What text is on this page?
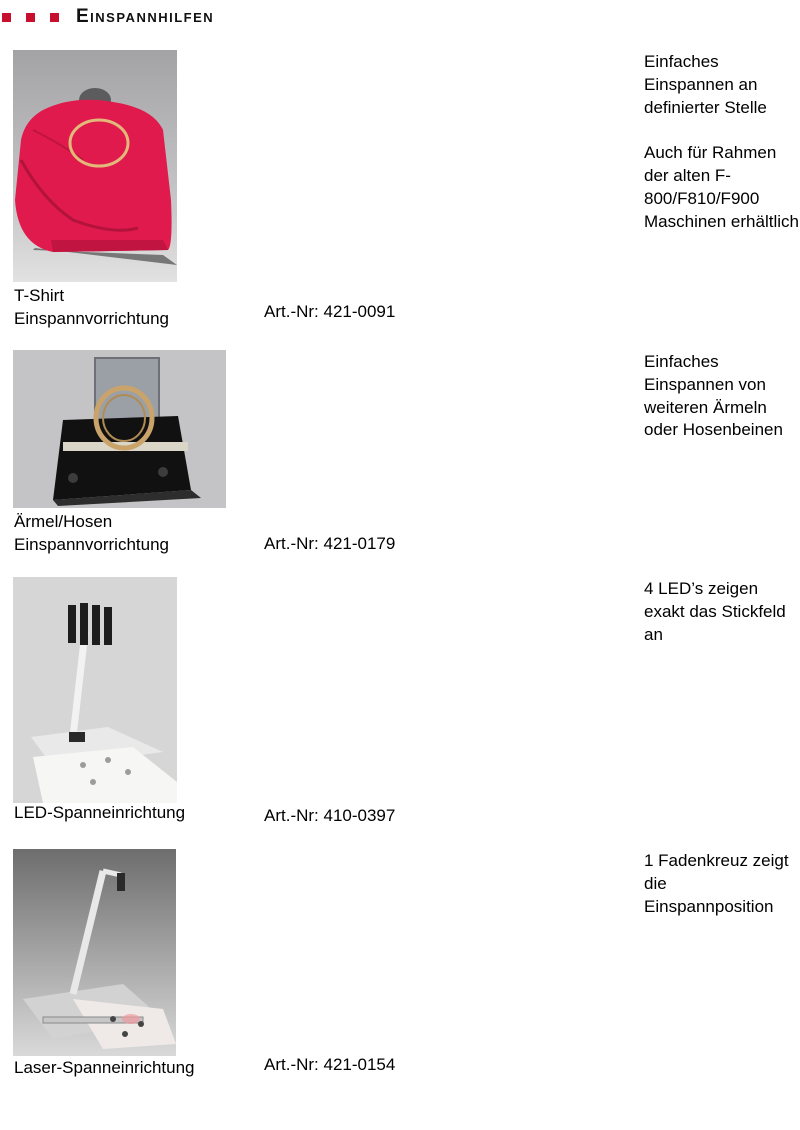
Einspannhilfen
T-Shirt
Einspannvorrichtung	Art.-Nr: 421-0091
Einfaches Einspannen an definierter Stelle

Auch für Rahmen der alten F-800/F810/F900 Maschinen erhältlich
Ärmel/Hosen
Einspannvorrichtung	Art.-Nr: 421-0179
Einfaches Einspannen von weiteren Ärmeln oder Hosenbeinen
LED-Spanneinrichtung	Art.-Nr: 410-0397
4 LED’s zeigen exakt das Stickfeld an
Laser-Spanneinrichtung	Art.-Nr: 421-0154
1 Fadenkreuz zeigt die Einspannposition
